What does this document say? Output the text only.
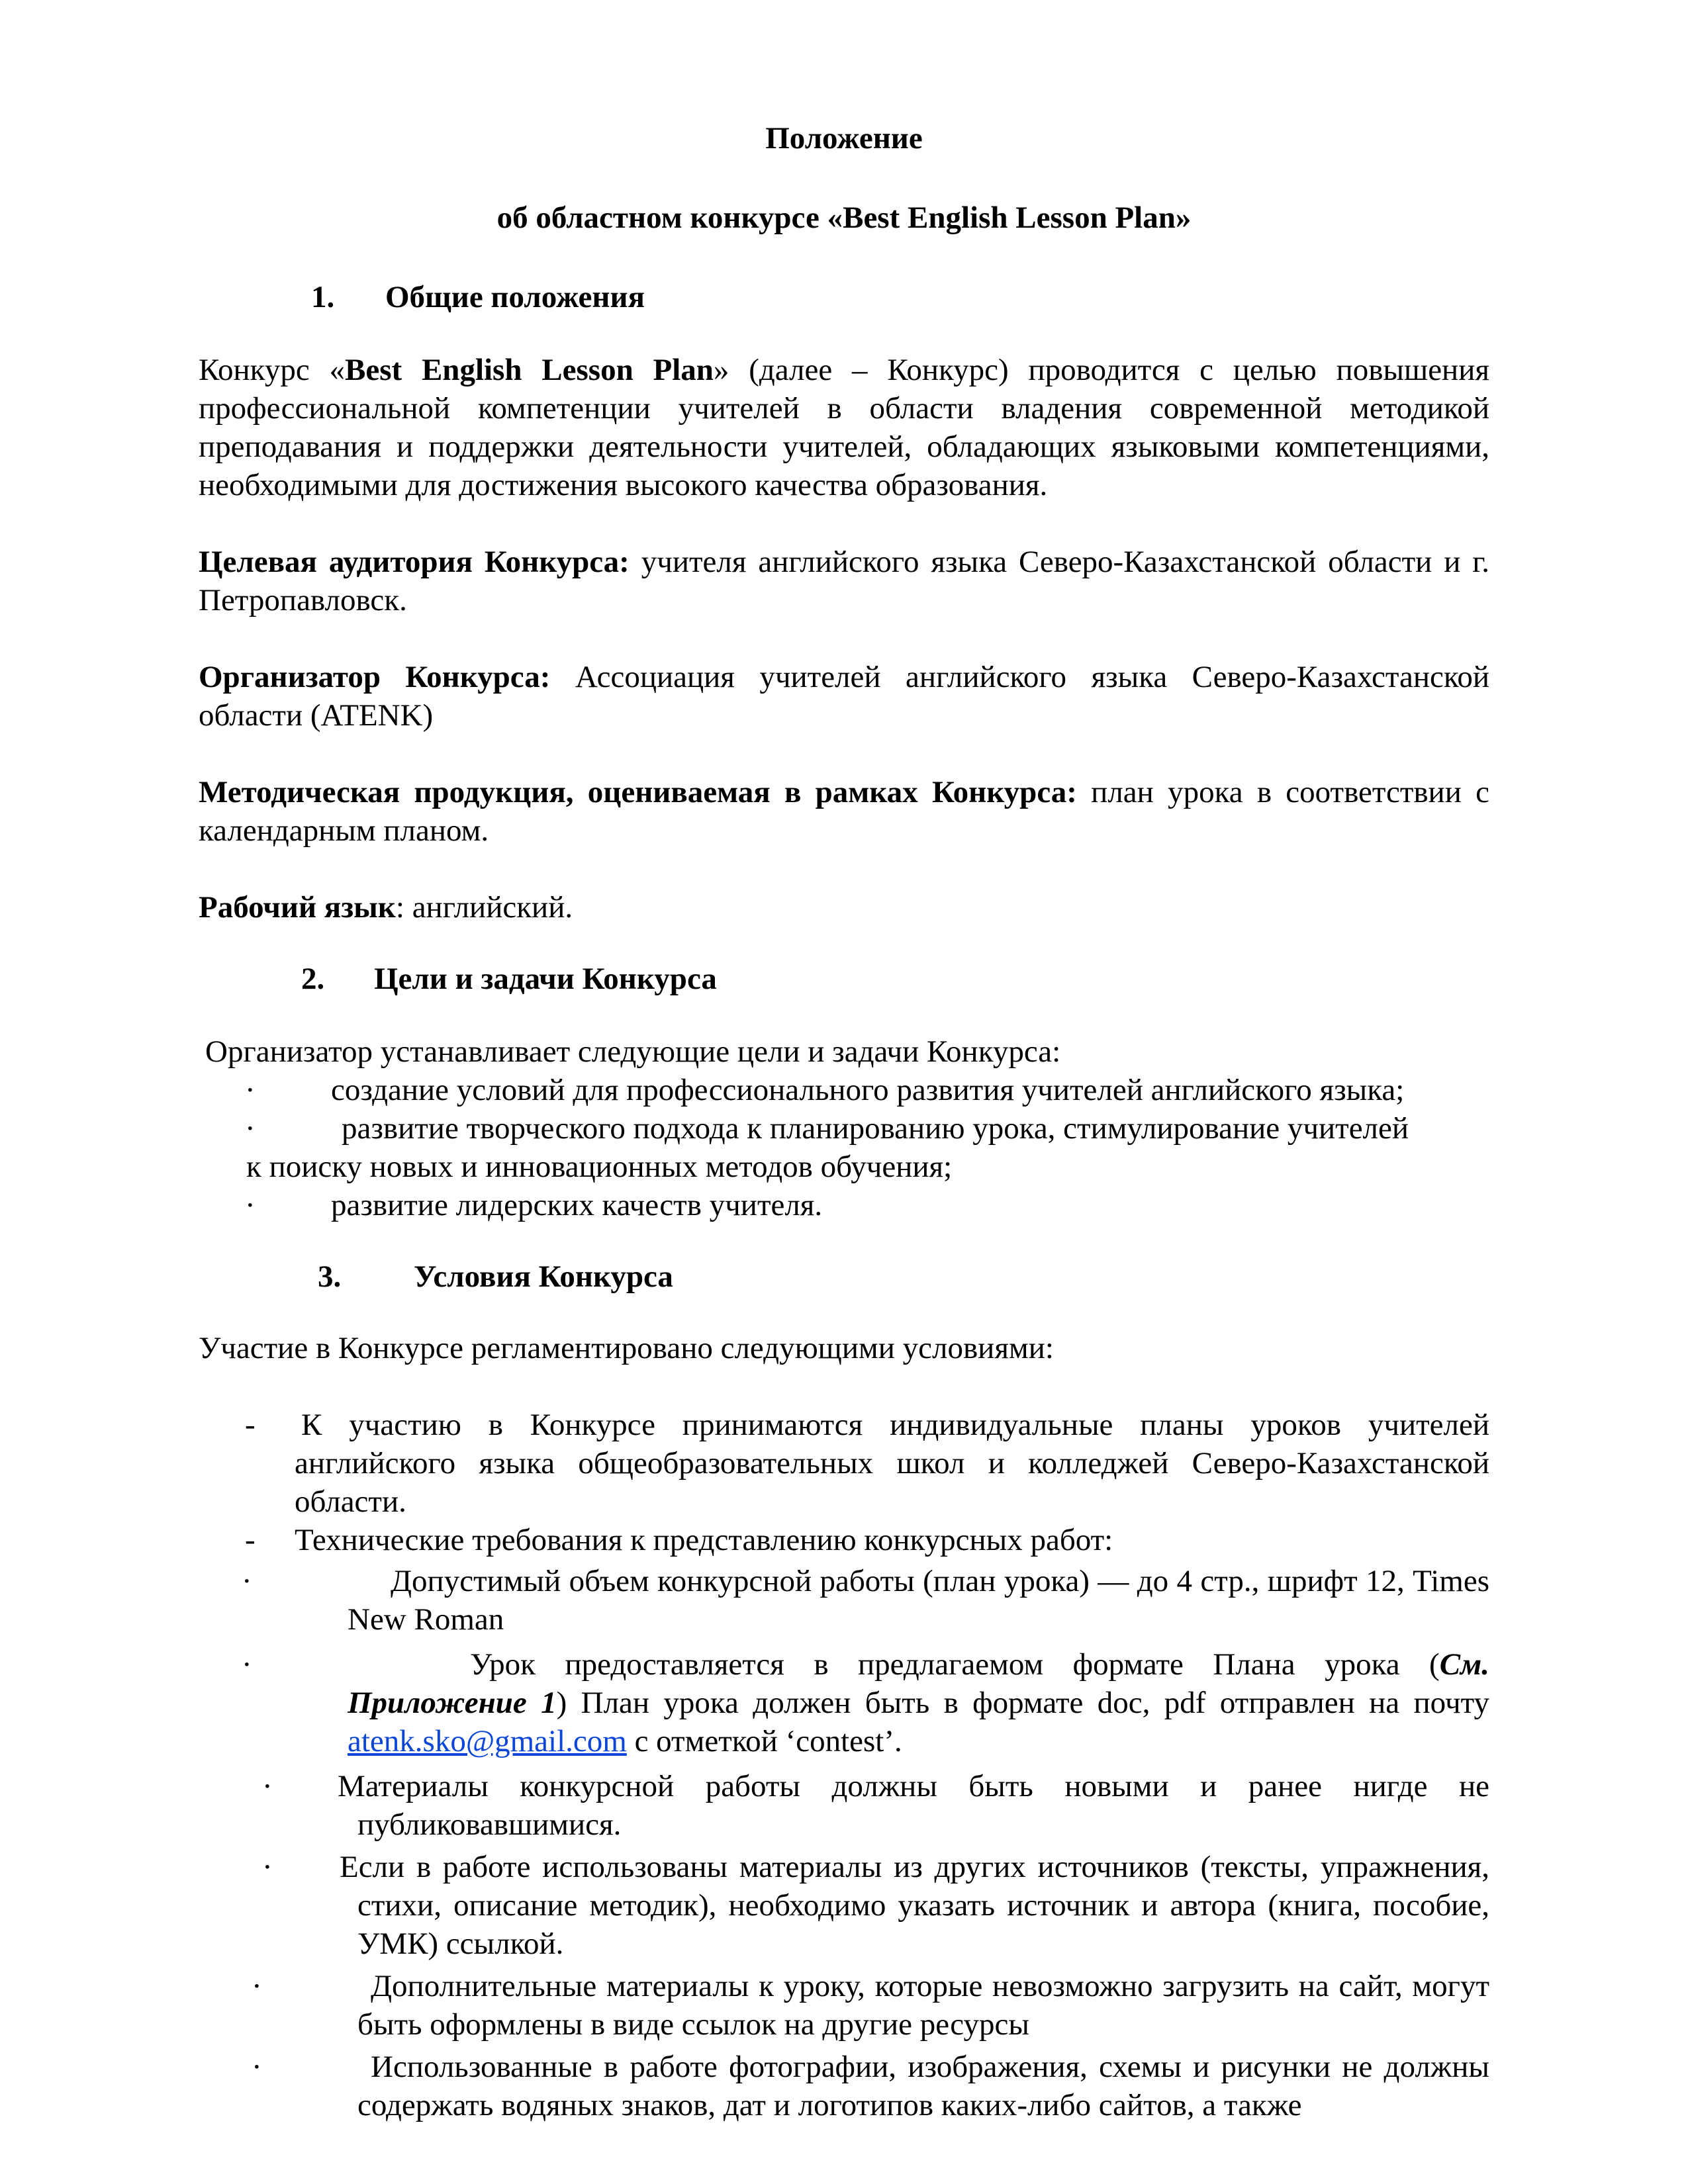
Положение
об областном конкурсе «Best English Lesson Plan»
1.	Общие положения
Конкурс «Best English Lesson Plan» (далее – Конкурс) проводится с целью повышения профессиональной компетенции учителей в области владения современной методикой преподавания и поддержки деятельности учителей, обладающих языковыми компетенциями, необходимыми для достижения высокого качества образования.
Целевая аудитория Конкурса: учителя английского языка Северо-Казахстанской области и г. Петропавловск.
Организатор Конкурса: Ассоциация учителей английского языка Северо-Казахстанской области (ATENK)
Методическая продукция, оцениваемая в рамках Конкурса: план урока в соответствии с календарным планом.
Рабочий язык: английский.
2.	Цели и задачи Конкурса
Организатор устанавливает следующие цели и задачи Конкурса:
·	создание условий для профессионального развития учителей английского языка;
·	развитие творческого подхода к планированию урока, стимулирование учителей
к поиску новых и инновационных методов обучения;
·	развитие лидерских качеств учителя.
3.	Условия Конкурса
Участие в Конкурсе регламентировано следующими условиями:
-	К участию в Конкурсе принимаются индивидуальные планы уроков учителей английского языка общеобразовательных школ и колледжей Северо-Казахстанской области.
-	Технические требования к представлению конкурсных работ:
·	Допустимый объем конкурсной работы (план урока) — до 4 стр., шрифт 12, Times New Roman
·	Урок предоставляется в предлагаемом формате Плана урока (См. Приложение 1) План урока должен быть в формате doc, pdf отправлен на почту atenk.sko@gmail.com с отметкой ‘contest’.
· Материалы конкурсной работы должны быть новыми и ранее нигде не публиковавшимися.
· Если в работе использованы материалы из других источников (тексты, упражнения, стихи, описание методик), необходимо указать источник и автора (книга, пособие, УМК) ссылкой.
·	Дополнительные материалы к уроку, которые невозможно загрузить на сайт, могут быть оформлены в виде ссылок на другие ресурсы
·	Использованные в работе фотографии, изображения, схемы и рисунки не должны содержать водяных знаков, дат и логотипов каких-либо сайтов, а также
